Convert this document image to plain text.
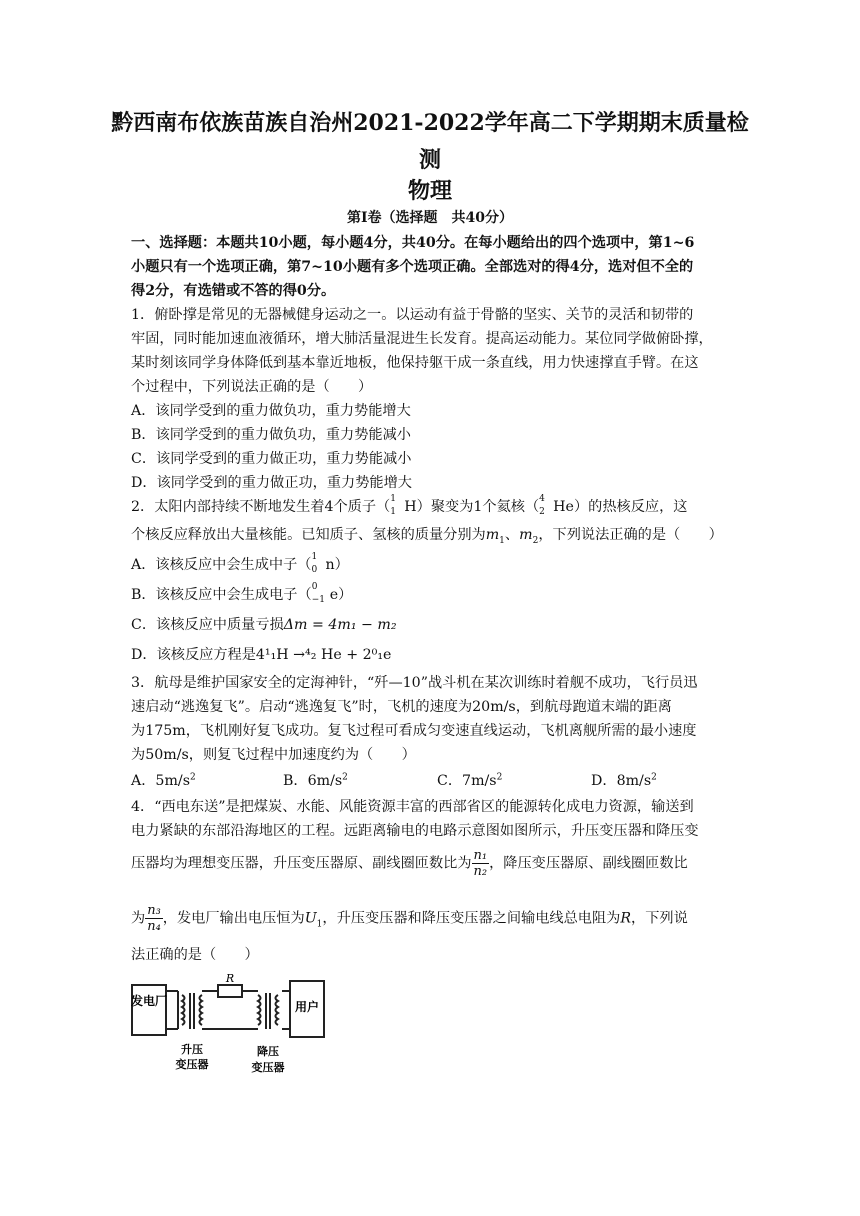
黔西南布依族苗族自治州2021-2022学年高二下学期期末质量检
测
物理
第Ⅰ卷（选择题　共40分）
一、选择题：本题共10小题，每小题4分，共40分。在每小题给出的四个选项中，第1~6
小题只有一个选项正确，第7~10小题有多个选项正确。全部选对的得4分，选对但不全的
得2分，有选错或不答的得0分。
1．俯卧撑是常见的无器械健身运动之一。以运动有益于骨骼的坚实、关节的灵活和韧带的
牢固，同时能加速血液循环，增大肺活量混进生长发育。提高运动能力。某位同学做俯卧撑，
某时刻该同学身体降低到基本靠近地板，他保持躯干成一条直线，用力快速撑直手臂。在这
个过程中，下列说法正确的是（　　）
A．该同学受到的重力做负功，重力势能增大
B．该同学受到的重力做负功，重力势能减小
C．该同学受到的重力做正功，重力势能减小
D．该同学受到的重力做正功，重力势能增大
2．太阳内部持续不断地发生着4个质子（ 1
1 H）聚变为1个氦核（ 4
2 He）的热核反应，这
个核反应释放出大量核能。已知质子、氢核的质量分别为$m_1$、$m_2$，下列说法正确的是（　　）
A．该核反应中会生成中子（ 1
0 n）
B．该核反应中会生成电子（ 0
−1 e）
C．该核反应中质量亏损Δm = 4m₁ − m₂
D．该核反应方程是4¹₁H →⁴₂ He + 2⁰₁e
3．航母是维护国家安全的定海神针，“歼—10”战斗机在某次训练时着舰不成功，飞行员迅
速启动“逃逸复飞”。启动“逃逸复飞”时，飞机的速度为20m/s，到航母跑道末端的距离
为175m，飞机刚好复飞成功。复飞过程可看成匀变速直线运动，飞机离舰所需的最小速度
为50m/s，则复飞过程中加速度约为（　　）
A．$5m/s^2$	B．$6m/s^2$	C．$7m/s^2$	D．$8m/s^2$
4．“西电东送”是把煤炭、水能、风能资源丰富的西部省区的能源转化成电力资源，输送到
电力紧缺的东部沿海地区的工程。远距离输电的电路示意图如图所示，升压变压器和降压变
压器均为理想变压器，升压变压器原、副线圈匝数比为 $\frac{\text{n₁}}{\text{n₂}}$ ，降压变压器原、副线圈匝数比
为 $\frac{\text{n₃}}{\text{n₄}}$ ，发电厂输出电压恒为$U_1$，升压变压器和降压变压器之间输电线总电阻为R，下列说
法正确的是（　　）
发电厂
R
用户
升压
变压器
降压
变压器
